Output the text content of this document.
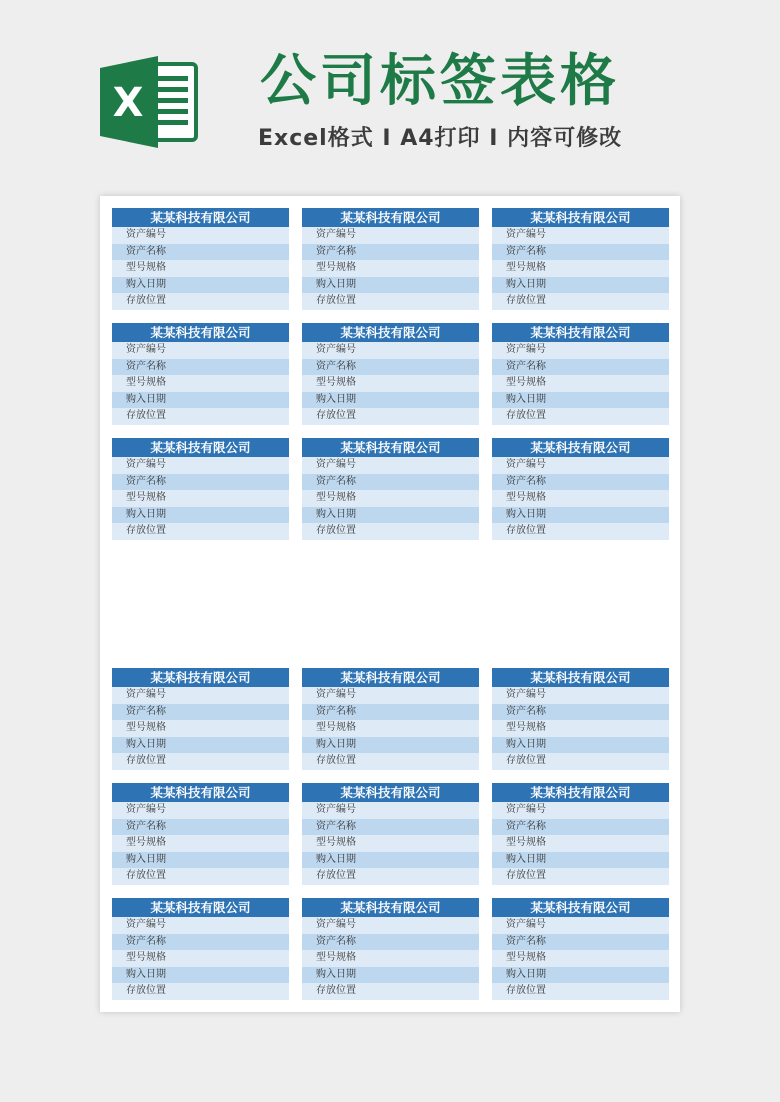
X 公司标签表格
Excel格式 Ⅰ A4打印 Ⅰ 内容可修改
某某科技有限公司
资产编号
资产名称
型号规格
购入日期
存放位置
某某科技有限公司
资产编号
资产名称
型号规格
购入日期
存放位置
某某科技有限公司
资产编号
资产名称
型号规格
购入日期
存放位置
某某科技有限公司
资产编号
资产名称
型号规格
购入日期
存放位置
某某科技有限公司
资产编号
资产名称
型号规格
购入日期
存放位置
某某科技有限公司
资产编号
资产名称
型号规格
购入日期
存放位置
某某科技有限公司
资产编号
资产名称
型号规格
购入日期
存放位置
某某科技有限公司
资产编号
资产名称
型号规格
购入日期
存放位置
某某科技有限公司
资产编号
资产名称
型号规格
购入日期
存放位置
某某科技有限公司
资产编号
资产名称
型号规格
购入日期
存放位置
某某科技有限公司
资产编号
资产名称
型号规格
购入日期
存放位置
某某科技有限公司
资产编号
资产名称
型号规格
购入日期
存放位置
某某科技有限公司
资产编号
资产名称
型号规格
购入日期
存放位置
某某科技有限公司
资产编号
资产名称
型号规格
购入日期
存放位置
某某科技有限公司
资产编号
资产名称
型号规格
购入日期
存放位置
某某科技有限公司
资产编号
资产名称
型号规格
购入日期
存放位置
某某科技有限公司
资产编号
资产名称
型号规格
购入日期
存放位置
某某科技有限公司
资产编号
资产名称
型号规格
购入日期
存放位置
